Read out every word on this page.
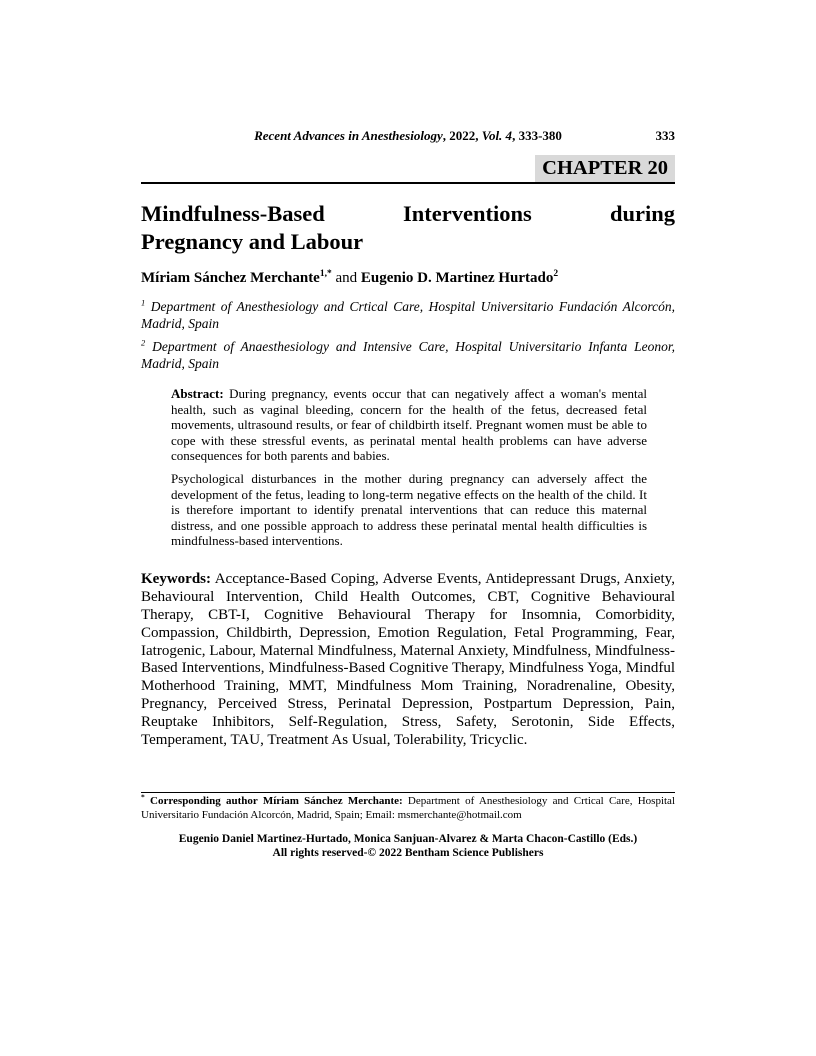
Recent Advances in Anesthesiology, 2022, Vol. 4, 333-380	333
CHAPTER 20
Mindfulness-Based Interventions during
Pregnancy and Labour
Míriam Sánchez Merchante$^{1,*}$ and Eugenio D. Martinez Hurtado$^2$

$^1$ Department of Anesthesiology and Crtical Care, Hospital Universitario Fundación Alcorcón, Madrid, Spain

$^2$ Department of Anaesthesiology and Intensive Care, Hospital Universitario Infanta Leonor, Madrid, Spain

Abstract: During pregnancy, events occur that can negatively affect a woman's mental health, such as vaginal bleeding, concern for the health of the fetus, decreased fetal movements, ultrasound results, or fear of childbirth itself. Pregnant women must be able to cope with these stressful events, as perinatal mental health problems can have adverse consequences for both parents and babies.

Psychological disturbances in the mother during pregnancy can adversely affect the development of the fetus, leading to long-term negative effects on the health of the child. It is therefore important to identify prenatal interventions that can reduce this maternal distress, and one possible approach to address these perinatal mental health difficulties is mindfulness-based interventions.

Keywords: Acceptance-Based Coping, Adverse Events, Antidepressant Drugs, Anxiety, Behavioural Intervention, Child Health Outcomes, CBT, Cognitive Behavioural Therapy, CBT-I, Cognitive Behavioural Therapy for Insomnia, Comorbidity, Compassion, Childbirth, Depression, Emotion Regulation, Fetal Programming, Fear, Iatrogenic, Labour, Maternal Mindfulness, Maternal Anxiety, Mindfulness, Mindfulness-Based Interventions, Mindfulness-Based Cognitive Therapy, Mindfulness Yoga, Mindful Motherhood Training, MMT, Mindfulness Mom Training, Noradrenaline, Obesity, Pregnancy, Perceived Stress, Perinatal Depression, Postpartum Depression, Pain, Reuptake Inhibitors, Self-Regulation, Stress, Safety, Serotonin, Side Effects, Temperament, TAU, Treatment As Usual, Tolerability, Tricyclic.

* Corresponding author Míriam Sánchez Merchante: Department of Anesthesiology and Crtical Care, Hospital Universitario Fundación Alcorcón, Madrid, Spain; Email: msmerchante@hotmail.com

Eugenio Daniel Martinez-Hurtado, Monica Sanjuan-Alvarez & Marta Chacon-Castillo (Eds.)
All rights reserved-© 2022 Bentham Science Publishers
